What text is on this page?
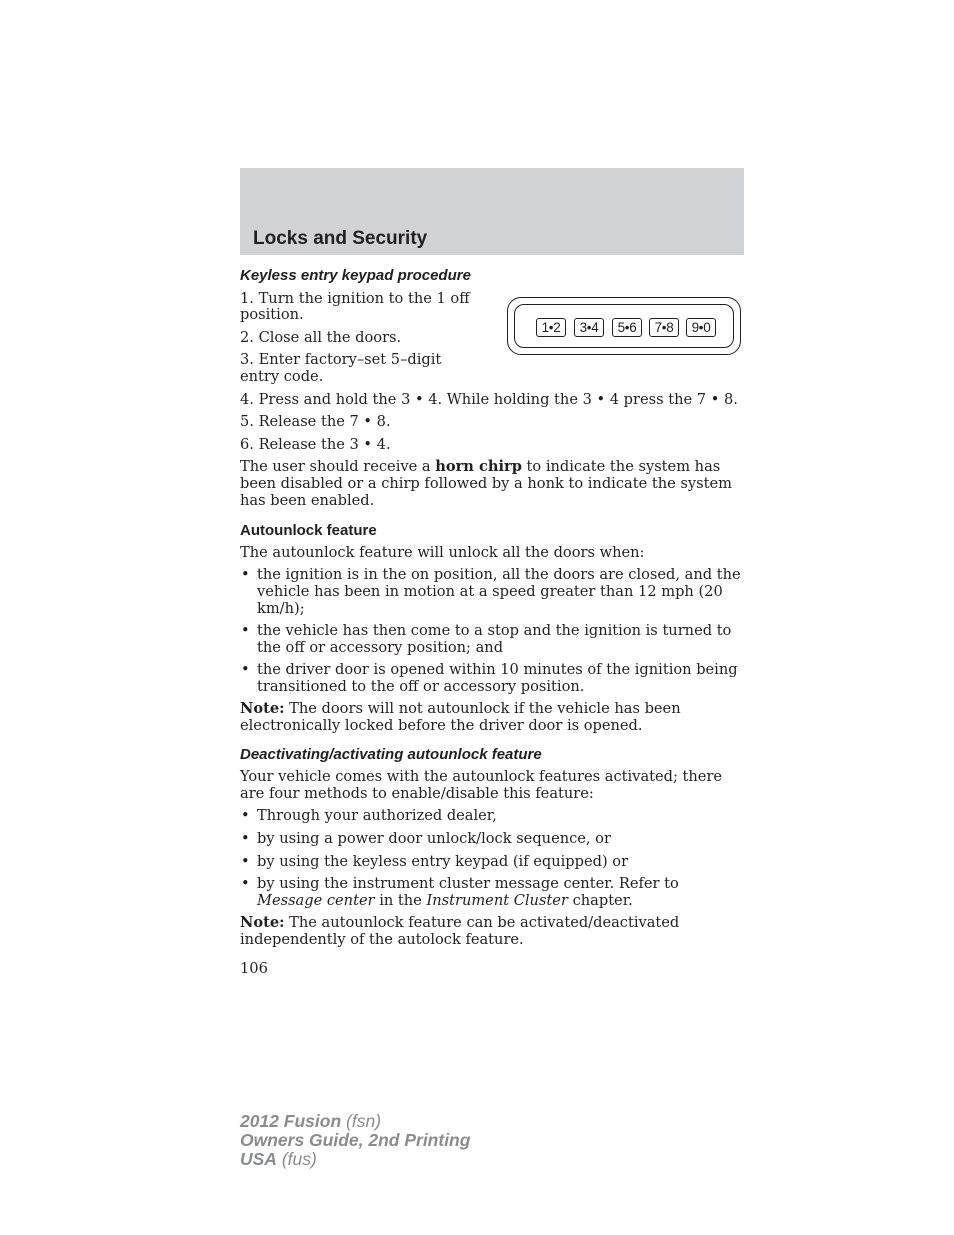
Locks and Security
1•2	3•4	5•6	7•8	9•0
Keyless entry keypad procedure

1. Turn the ignition to the 1 off position.

2. Close all the doors.

3. Enter factory–set 5–digit entry code.

4. Press and hold the 3 • 4. While holding the 3 • 4 press the 7 • 8.

5. Release the 7 • 8.

6. Release the 3 • 4.

The user should receive a horn chirp to indicate the system has been disabled or a chirp followed by a honk to indicate the system has been enabled.

Autounlock feature

The autounlock feature will unlock all the doors when:

• the ignition is in the on position, all the doors are closed, and the vehicle has been in motion at a speed greater than 12 mph (20 km/h);
• the vehicle has then come to a stop and the ignition is turned to the off or accessory position; and
• the driver door is opened within 10 minutes of the ignition being transitioned to the off or accessory position.

Note: The doors will not autounlock if the vehicle has been electronically locked before the driver door is opened.

Deactivating/activating autounlock feature

Your vehicle comes with the autounlock features activated; there are four methods to enable/disable this feature:

• Through your authorized dealer,
• by using a power door unlock/lock sequence, or
• by using the keyless entry keypad (if equipped) or
• by using the instrument cluster message center. Refer to Message center in the Instrument Cluster chapter.

Note: The autounlock feature can be activated/deactivated independently of the autolock feature.

106
2012 Fusion (fsn)
Owners Guide, 2nd Printing
USA (fus)
